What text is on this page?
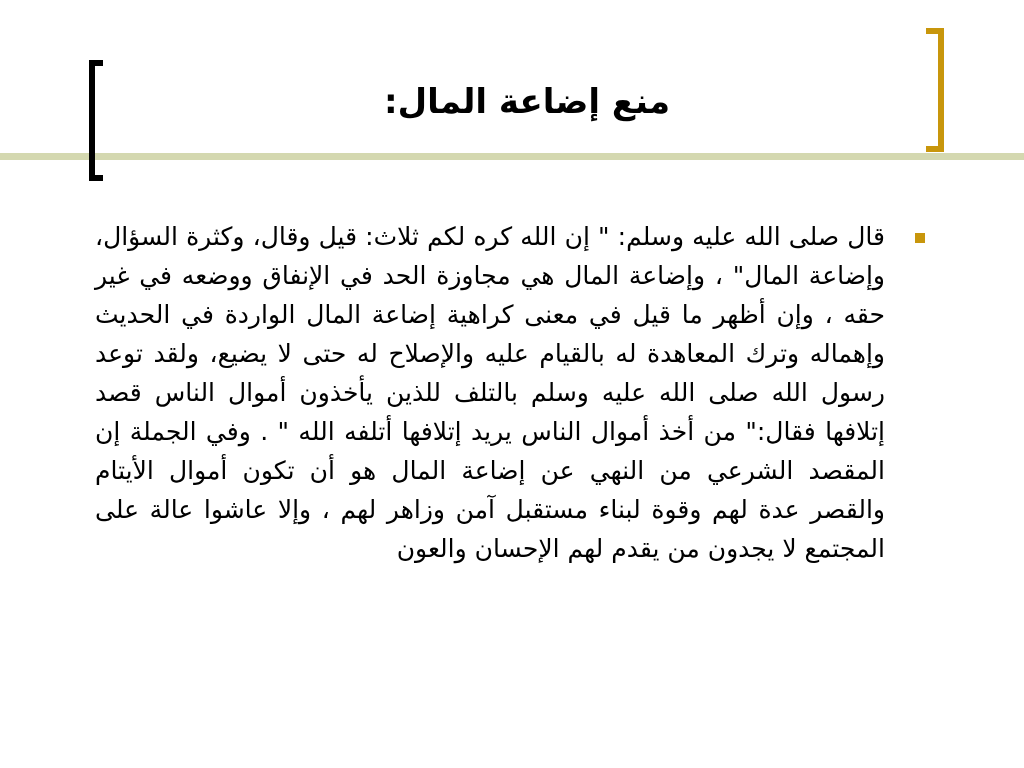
منع إضاعة المال:

قال صلى الله عليه وسلم: " إن الله كره لكم ثلاث: قيل وقال، وكثرة السؤال، وإضاعة المال" ، وإضاعة المال هي مجاوزة الحد في الإنفاق ووضعه في غير حقه ، وإن أظهر ما قيل في معنى كراهية إضاعة المال الواردة في الحديث وإهماله وترك المعاهدة له بالقيام عليه والإصلاح له حتى لا يضيع، ولقد توعد رسول الله صلى الله عليه وسلم بالتلف للذين يأخذون أموال الناس قصد إتلافها فقال:" من أخذ أموال الناس يريد إتلافها أتلفه الله " . وفي الجملة إن المقصد الشرعي من النهي عن إضاعة المال هو أن تكون أموال الأيتام والقصر عدة لهم وقوة لبناء مستقبل آمن وزاهر لهم ، وإلا عاشوا عالة على المجتمع لا يجدون من يقدم لهم الإحسان والعون
